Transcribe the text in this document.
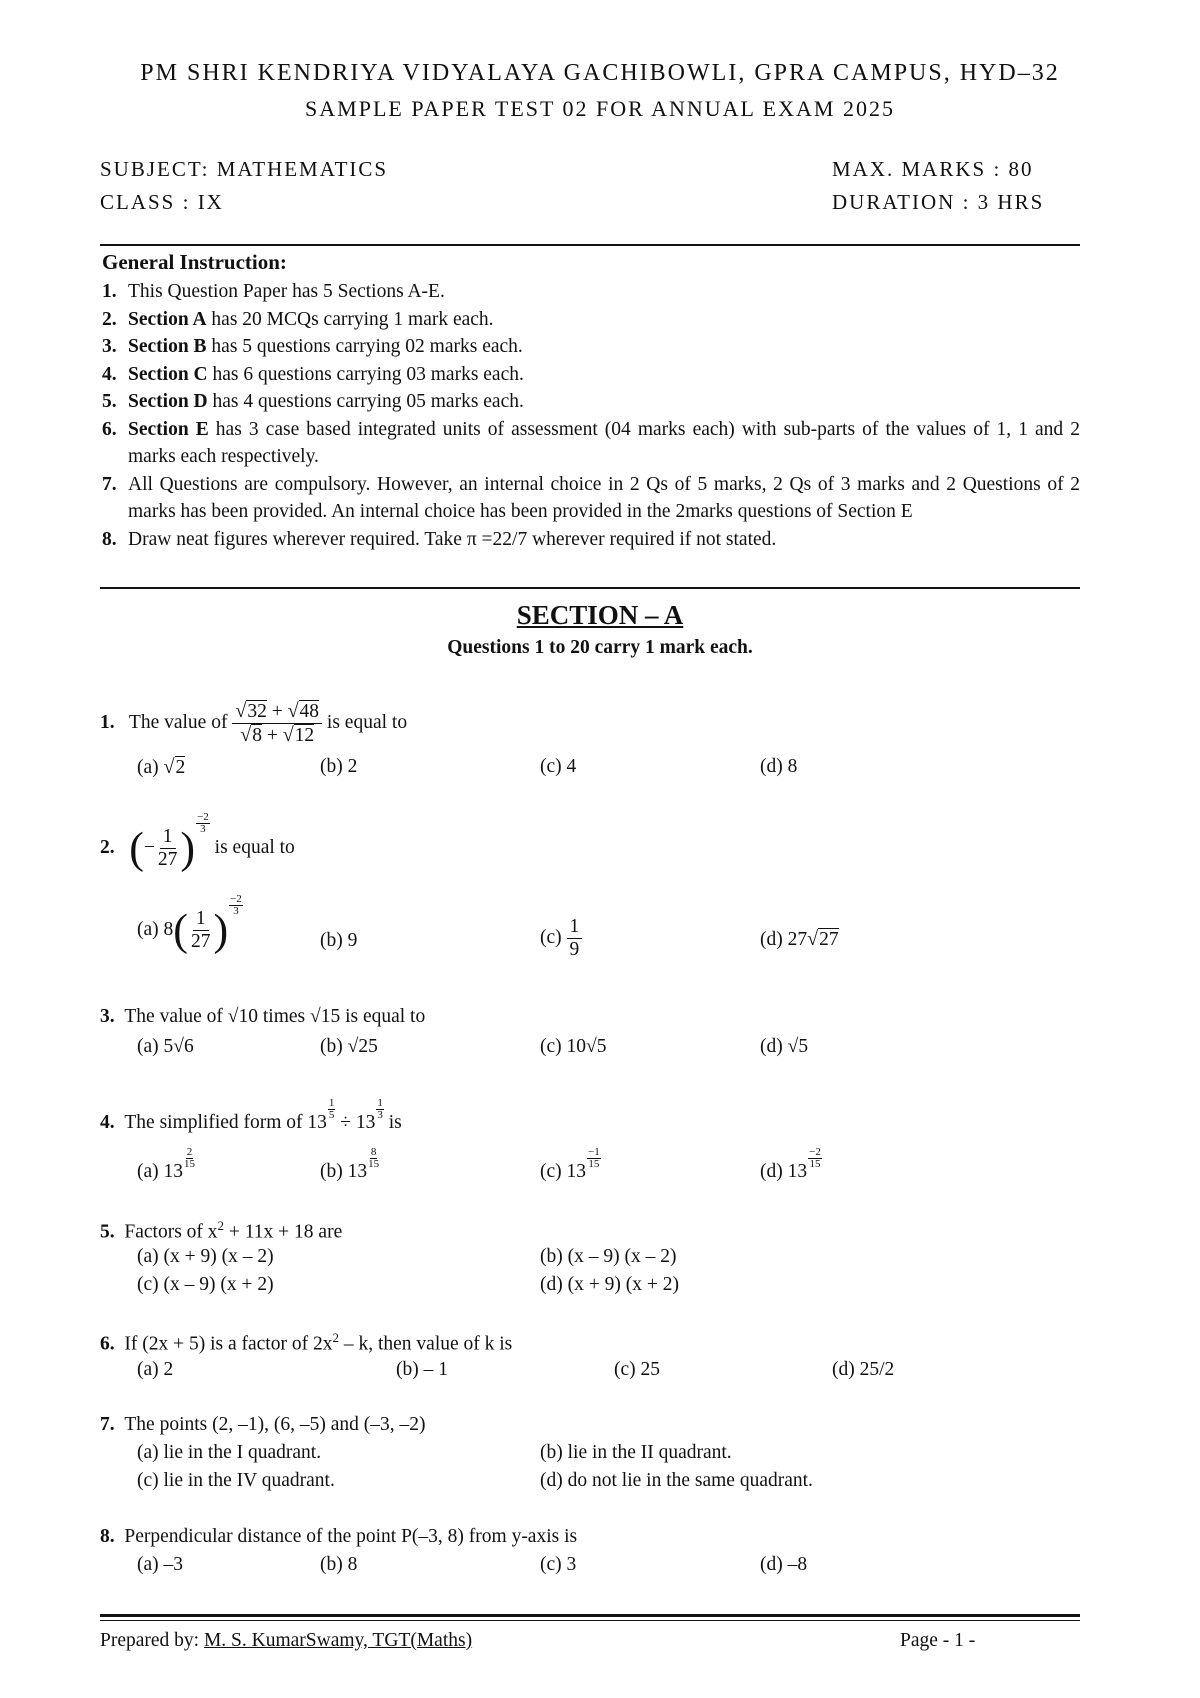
PM SHRI KENDRIYA VIDYALAYA GACHIBOWLI, GPRA CAMPUS, HYD–32
SAMPLE PAPER TEST 02 FOR ANNUAL EXAM 2025
SUBJECT: MATHEMATICS	MAX. MARKS : 80
CLASS : IX	DURATION : 3 HRS
General Instruction:
1. This Question Paper has 5 Sections A-E.
2. Section A has 20 MCQs carrying 1 mark each.
3. Section B has 5 questions carrying 02 marks each.
4. Section C has 6 questions carrying 03 marks each.
5. Section D has 4 questions carrying 05 marks each.
6. Section E has 3 case based integrated units of assessment (04 marks each) with sub-parts of the values of 1, 1 and 2 marks each respectively.
7. All Questions are compulsory. However, an internal choice in 2 Qs of 5 marks, 2 Qs of 3 marks and 2 Questions of 2 marks has been provided. An internal choice has been provided in the 2marks questions of Section E
8. Draw neat figures wherever required. Take π =22/7 wherever required if not stated.
SECTION – A
Questions 1 to 20 carry 1 mark each.
1. The value of $\frac{√32 + √48}{√8 + √12}$ is equal to
(a) √2	(b) 2	(c) 4	(d) 8
2. (− $\frac{1}{27}$ ) $\frac{-2}{3}$
is equal to
(a) $8( \frac{1}{27}$ ) $\frac{-2}{3}$
(b) 9	$(c) \frac{1}{9}$	(d) 27√27
3. The value of √10 times √15 is equal to
(a) 5√6	(b) √25	(c) 10√5	(d) √5
4. The simplified form of 13
$\frac{1}{5}$
÷ 13
$\frac{1}{3}$
is
(a) 13
$\frac{2}{15}$
(b) 13
$\frac{8}{15}$
(c) 13
$\frac{-1}{15}$
(d) 13
$\frac{-2}{15}$
5. Factors of $x^2 + 11x + 18$ are
(a) (x + 9) (x – 2)	(b) (x – 9) (x – 2)
(c) (x – 9) (x + 2)	(d) (x + 9) (x + 2)
6. If (2x + 5) is a factor of $2x^2$ – k, then value of k is
(a) 2	(b) – 1	(c) 25	(d) 25/2
7. The points (2, –1), (6, –5) and (–3, –2)
(a) lie in the I quadrant.	(b) lie in the II quadrant.
(c) lie in the IV quadrant.	(d) do not lie in the same quadrant.
8. Perpendicular distance of the point P(–3, 8) from y-axis is
(a) –3	(b) 8	(c) 3	(d) –8
Prepared by: M. S. KumarSwamy, TGT(Maths)	Page - 1 -
